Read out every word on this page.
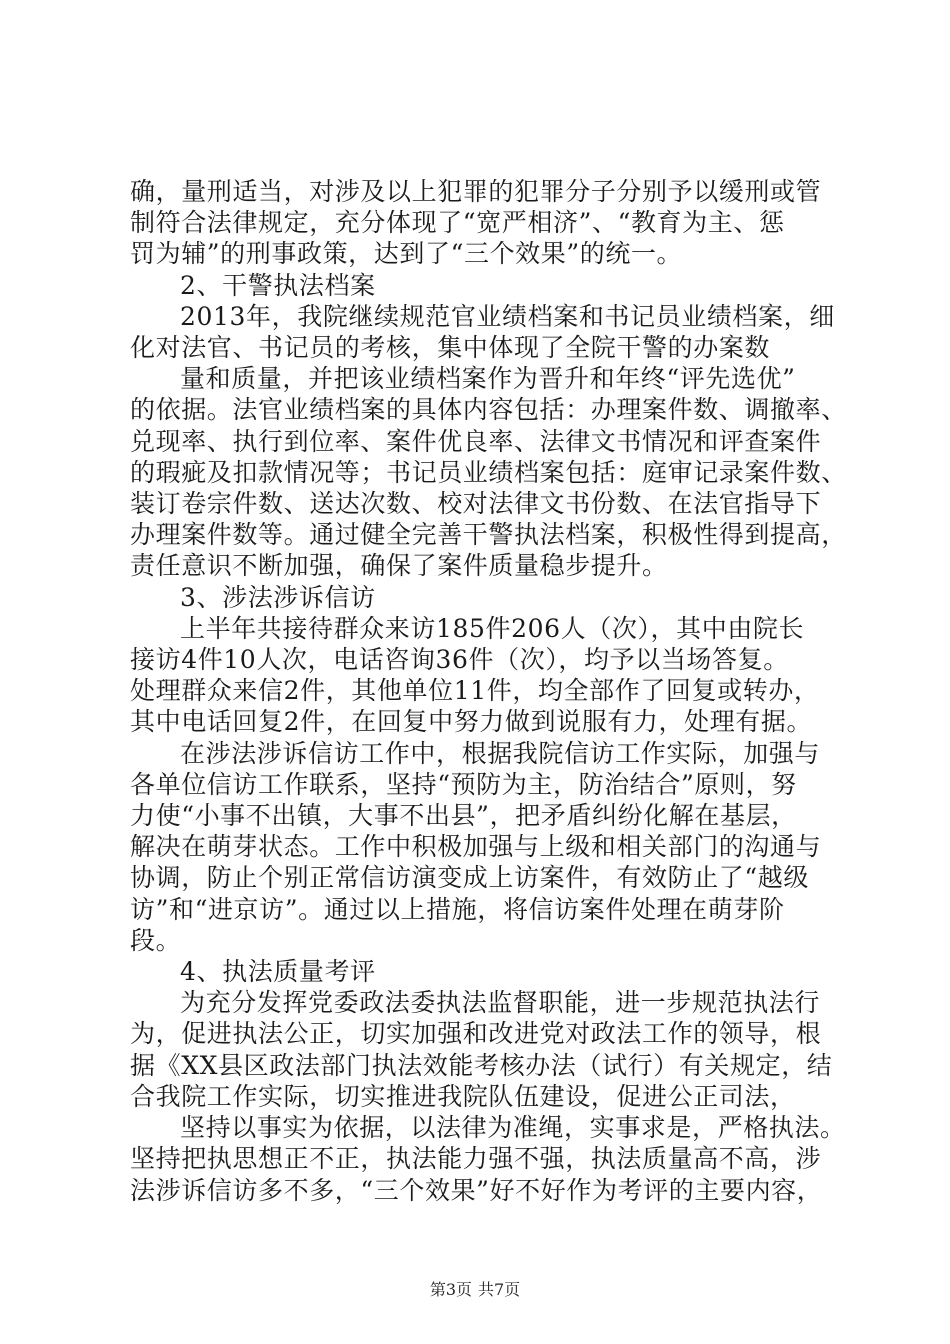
确，量刑适当，对涉及以上犯罪的犯罪分子分别予以缓刑或管
制符合法律规定，充分体现了“宽严相济”、“教育为主、惩
罚为辅”的刑事政策，达到了“三个效果”的统一。
2、干警执法档案
2013年，我院继续规范官业绩档案和书记员业绩档案，细
化对法官、书记员的考核，集中体现了全院干警的办案数
量和质量，并把该业绩档案作为晋升和年终“评先选优”
的依据。法官业绩档案的具体内容包括：办理案件数、调撤率、
兑现率、执行到位率、案件优良率、法律文书情况和评查案件
的瑕疵及扣款情况等；书记员业绩档案包括：庭审记录案件数、
装订卷宗件数、送达次数、校对法律文书份数、在法官指导下
办理案件数等。通过健全完善干警执法档案，积极性得到提高，
责任意识不断加强，确保了案件质量稳步提升。
3、涉法涉诉信访
上半年共接待群众来访185件206人（次），其中由院长
接访4件10人次，电话咨询36件（次），均予以当场答复。
处理群众来信2件，其他单位11件，均全部作了回复或转办，
其中电话回复2件，在回复中努力做到说服有力，处理有据。
在涉法涉诉信访工作中，根据我院信访工作实际，加强与
各单位信访工作联系，坚持“预防为主，防治结合”原则，努
力使“小事不出镇，大事不出县”，把矛盾纠纷化解在基层，
解决在萌芽状态。工作中积极加强与上级和相关部门的沟通与
协调，防止个别正常信访演变成上访案件，有效防止了“越级
访”和“进京访”。通过以上措施，将信访案件处理在萌芽阶
段。
4、执法质量考评
为充分发挥党委政法委执法监督职能，进一步规范执法行
为，促进执法公正，切实加强和改进党对政法工作的领导，根
据《XX县区政法部门执法效能考核办法（试行）有关规定，结
合我院工作实际，切实推进我院队伍建设，促进公正司法，
坚持以事实为依据，以法律为准绳，实事求是，严格执法。
坚持把执思想正不正，执法能力强不强，执法质量高不高，涉
法涉诉信访多不多，“三个效果”好不好作为考评的主要内容，
第3页 共7页
